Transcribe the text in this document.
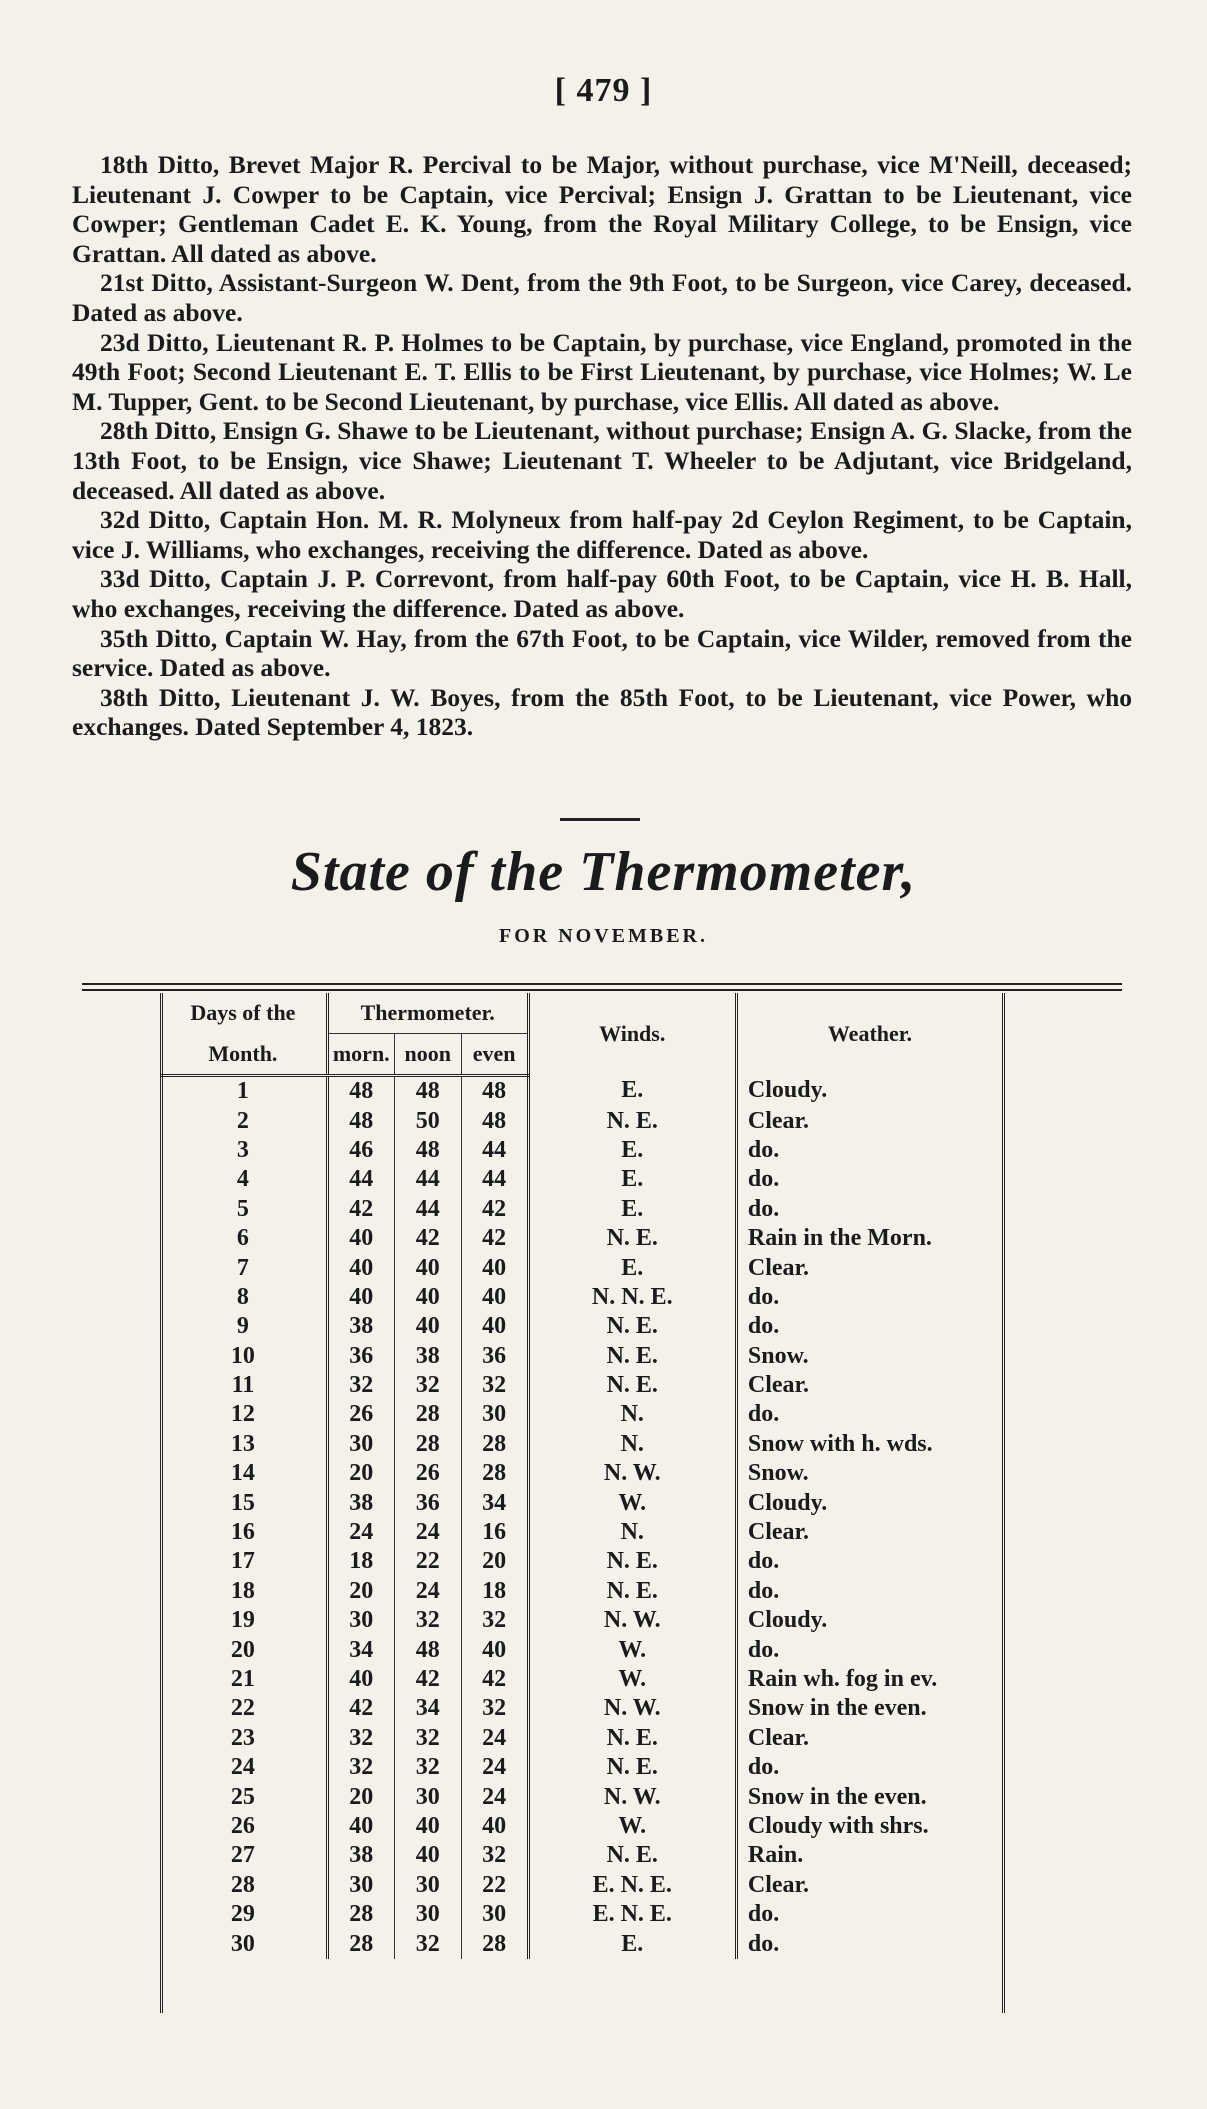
[ 479 ]

18th Ditto, Brevet Major R. Percival to be Major, without purchase, vice M'Neill, deceased; Lieutenant J. Cowper to be Captain, vice Percival; Ensign J. Grattan to be Lieutenant, vice Cowper; Gentleman Cadet E. K. Young, from the Royal Military College, to be Ensign, vice Grattan. All dated as above.

21st Ditto, Assistant-Surgeon W. Dent, from the 9th Foot, to be Surgeon, vice Carey, deceased. Dated as above.

23d Ditto, Lieutenant R. P. Holmes to be Captain, by purchase, vice England, promoted in the 49th Foot; Second Lieutenant E. T. Ellis to be First Lieutenant, by purchase, vice Holmes; W. Le M. Tupper, Gent. to be Second Lieutenant, by purchase, vice Ellis. All dated as above.

28th Ditto, Ensign G. Shawe to be Lieutenant, without purchase; Ensign A. G. Slacke, from the 13th Foot, to be Ensign, vice Shawe; Lieutenant T. Wheeler to be Adjutant, vice Bridgeland, deceased. All dated as above.

32d Ditto, Captain Hon. M. R. Molyneux from half-pay 2d Ceylon Regiment, to be Captain, vice J. Williams, who exchanges, receiving the difference. Dated as above.

33d Ditto, Captain J. P. Correvont, from half-pay 60th Foot, to be Captain, vice H. B. Hall, who exchanges, receiving the difference. Dated as above.

35th Ditto, Captain W. Hay, from the 67th Foot, to be Captain, vice Wilder, removed from the service. Dated as above.

38th Ditto, Lieutenant J. W. Boyes, from the 85th Foot, to be Lieutenant, vice Power, who exchanges. Dated September 4, 1823.

State of the Thermometer,
FOR NOVEMBER.
Days of the	Thermometer.			Winds.	Weather.
Month.	morn.	noon	even		
1	48	48	48	E.	Cloudy.
2	48	50	48	N. E.	Clear.
3	46	48	44	E.	do.
4	44	44	44	E.	do.
5	42	44	42	E.	do.
6	40	42	42	N. E.	Rain in the Morn.
7	40	40	40	E.	Clear.
8	40	40	40	N. N. E.	do.
9	38	40	40	N. E.	do.
10	36	38	36	N. E.	Snow.
11	32	32	32	N. E.	Clear.
12	26	28	30	N.	do.
13	30	28	28	N.	Snow with h. wds.
14	20	26	28	N. W.	Snow.
15	38	36	34	W.	Cloudy.
16	24	24	16	N.	Clear.
17	18	22	20	N. E.	do.
18	20	24	18	N. E.	do.
19	30	32	32	N. W.	Cloudy.
20	34	48	40	W.	do.
21	40	42	42	W.	Rain wh. fog in ev.
22	42	34	32	N. W.	Snow in the even.
23	32	32	24	N. E.	Clear.
24	32	32	24	N. E.	do.
25	20	30	24	N. W.	Snow in the even.
26	40	40	40	W.	Cloudy with shrs.
27	38	40	32	N. E.	Rain.
28	30	30	22	E. N. E.	Clear.
29	28	30	30	E. N. E.	do.
30	28	32	28	E.	do.
